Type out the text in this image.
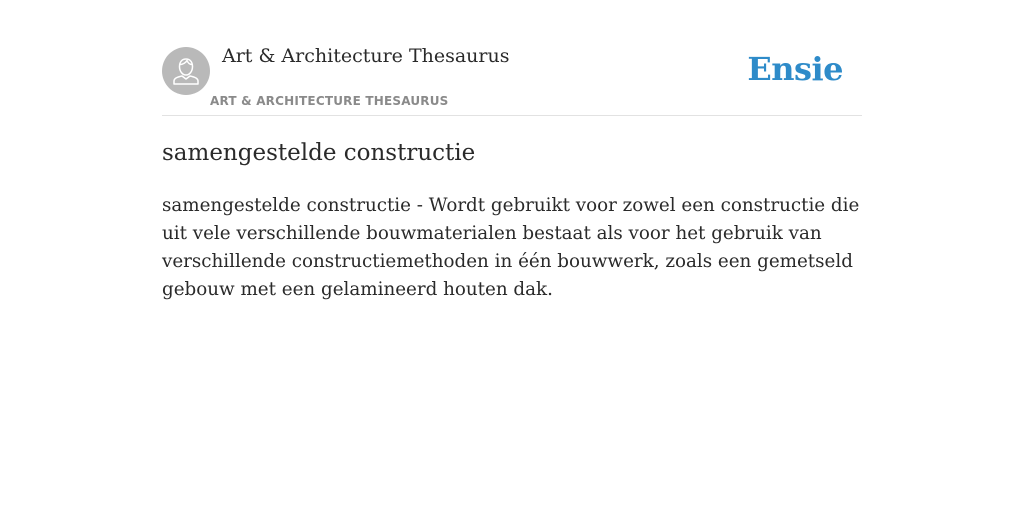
Art & Architecture Thesaurus
ART & ARCHITECTURE THESAURUS
Ensie
samengestelde constructie

samengestelde constructie - Wordt gebruikt voor zowel een constructie die uit vele verschillende bouwmaterialen bestaat als voor het gebruik van verschillende constructiemethoden in één bouwwerk, zoals een gemetseld gebouw met een gelamineerd houten dak.
